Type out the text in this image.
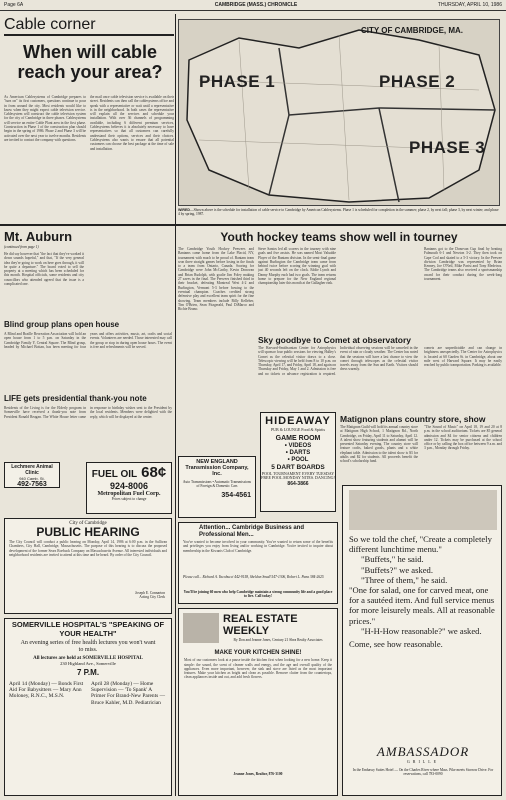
Page 6A	CAMBRIDGE (MASS.) CHRONICLE	THURSDAY, APRIL 10, 1986
Cable corner
When will cable reach your area?
As American Cablesystems of Cambridge prepares to "turn on" its first customers, questions continue to pour in from around the city. Most residents would like to know when they might expect cable television service. Cablesystem will construct the cable television system for the city of Cambridge in three phases. Cablesystems will service an entire Cable Plant area in the first phase. Construction in Phase 1 of the construction plan should begin in the spring of 1986. Phase 2 and Phase 3 will be activated over the next year to twelve months. Residents are invited to contact the company with questions.
the mail once cable television service is available on their street. Residents can then call the cablesystems office and speak with a representative or wait until a representative is in the neighborhood. In both cases the representative will explain all the services and schedule your installation. With over 36 channels of programming available, including 6 different premium services, Cablesystems believes it is absolutely necessary to have representatives so that all customers can carefully understand their options, services and their choices. Cablesystems also wants to ensure that all potential customers can choose the best package at the time of sale and installation.
CITY OF CAMBRIDGE, MA.
PHASE 1	PHASE 2
PHASE 3
WIRED—Shown above is the schedule for installation of cable service to Cambridge by American Cablesystems. Phase 1 is scheduled for completion in the summer; phase 2, by next fall; phase 3, by next winter; and phase 4 by spring, 1987.
Mt. Auburn
(continued from page 1)
He did say however that "the fact that they've worked it down sounds hopeful," and that, "If the very general idea they're going to work on here goes through, it will be quite a departure." The board voted to sell the property at a meeting which has been scheduled for this month. Hospital officials, some residents and city councillors who attended agreed that the issue is a complicated one.
Blind group plans open house
A Blind and Braille Recreation Association will hold an open house from 1 to 5 p.m. on Saturday in the Cambridge Family Y, Central Square. The Blind group, headed by Michael Bottan, has been meeting for four years and offers activities, music, art, crafts and social events. Volunteers are needed. Those interested may call the group or stop in during open house hours. The event is free and refreshments will be served.
LIFE gets presidential thank-you note
Residents of the Living is for the Elderly program in Somerville have received a thank-you note from President Ronald Reagan. The White House letter came in response to birthday wishes sent to the President by the local residents. Members were delighted with the reply, which will be displayed at the center.
Youth hockey teams show well in tourney
The Cambridge Youth Hockey Peewees and Bantams came home from the Lake Placid, NY, tournament with much to be proud of. Bantam team won three straight games before losing in the finals to a team from Ontario, Canada. Scoring for Cambridge were John McCarthy, Kevin Donovan and Brian Rudolph, with goalie Jim Foley making 27 saves in the final. The Peewees finished third in their bracket, defeating Montreal West 4-2 and Burlington, Vermont 5-3 before bowing to the eventual champion. Coaches credited strong defensive play and excellent team spirit for the fine showing. Team members include Billy Kelleher, Tim O'Brien, Sean Fitzgerald, Paul DiMarco and Richie Bruno.
Steve Santos led all scorers in the tourney with nine goals and five assists. He was named Most Valuable Player of the Bantam division. In the semi-final game against Burlington the Cambridge team came from behind twice before scoring the winning goal with just 40 seconds left on the clock. Eddie Lynch and Danny Murphy each had two goals. The team returns home to prepare for the New England regional championship later this month at the Gallagher rink.
Bantams got to the Donovan Cup final by beating Falmouth 6-1 and Newton 3-2. They then took on Cape Cod and skated to a 5-3 victory. In the Peewee division Cambridge was represented by Brian Kenney, Joe O'Neil, Mike Parisi and Tony Medeiros. The Cambridge teams also received a sportsmanship award for their conduct during the week-long tournament.
Sky goodbye to Comet at observatory
The Harvard-Smithsonian Center for Astrophysics will sponsor four public sessions for viewing Halley's Comet as the celestial visitor draws to a close. Telescopic viewing will be held from 8 to 10 p.m. on Thursday, April 17, and Friday, April 18, and again on Thursday and Friday, May 1 and 2. Admission is free and no tickets or advance registration is required. Individual observing sessions will be canceled in the event of rain or cloudy weather. The Center has noted that the sessions will have a last chance to view the comet through telescopes as the celestial visitor travels away from the Sun and Earth. Visitors should dress warmly.
comets are unpredictable and can change in brightness unexpectedly. The Center for Astrophysics is located at 60 Garden St. in Cambridge, about one mile west of Harvard Square. It may be easily reached by public transportation. Parking is available.
Matignon plans country store, show
The Matignon Guild will hold its annual country store at Matignon High School, 1 Matignon Rd., North Cambridge, on Friday, April 11 to Saturday, April 12. A talent show featuring students and alumni will be presented Saturday evening. The country store will feature crafts, baked goods, plants and a white elephant table. Admission to the talent show is $3 for adults and $2 for students. All proceeds benefit the school's scholarship fund.
"The Sound of Music" on April 18, 19 and 20 at 8 p.m. in the school auditorium. Tickets are $5 general admission and $4 for senior citizens and children under 12. Tickets may be purchased at the school office or by calling the box office between 9 a.m. and 3 p.m., Monday through Friday.
Lechmere Animal Clinic
940 Camb. St.
492-7563
FUEL OIL 68¢
924-8006
Metropolitan Fuel Corp.
Prices subject to change
City of Cambridge
PUBLIC HEARING
The City Council will conduct a public hearing on Monday, April 14, 1986 at 6:00 p.m. in the Sullivan Chambers, City Hall, Cambridge, Massachusetts. The purpose of this hearing is to discuss the proposed development of the former Sears Roebuck Company on Massachusetts Avenue. All interested individuals and neighborhood residents are invited to attend at this time and be heard. By order of the City Council.
Joseph E. Connarton
Acting City Clerk
SOMERVILLE HOSPITAL'S "SPEAKING OF YOUR HEALTH"
An evening series of free health lectures you won't want to miss.
All lectures are held at SOMERVILLE HOSPITAL
230 Highland Ave., Somerville
7 P.M.
April 14 (Monday) — Bonds First Aid For Babysitters — Mary Ann Moloney, R.N.C., M.S.N.
April 28 (Monday) — Home Supervision — 'To Spank' A Primer For Brand-New Parents — Bruce Kahler, M.D. Pediatrician
HIDEAWAY
PUB & LOUNGE Food & Spirits
GAME ROOM
• VIDEOS
• DARTS
• POOL
5 DART BOARDS
POOL TOURNAMENT EVERY TUESDAY
FREE POOL MONDAY NITES. DANCING!
864-3866
NEW ENGLAND Transmission Company, Inc.
Auto Transmissions • Automatic Transmissions of Foreign & Domestic Cars
354-4561
Attention... Cambridge Business and Professional Men...
You've wanted to become involved in your community. You've wanted to return some of the benefits and privileges you enjoy from living and/or working in Cambridge. You're invited to inquire about membership in the Kiwanis Club of Cambridge.
Please call... Richard A. Yacobucci 442-9158, Sheldon Small 547-1306, Robert L. Pana 384-2625
You'll be joining 60 men who help Cambridge maintain a strong community life and a good place to live. Call today!
REAL ESTATE WEEKLY
By Don and Jeanne Jones, Century 21 Shea Realty Associates
MAKE YOUR KITCHEN SHINE!
Most of our customers look at a pause inside the kitchen first when looking for a new home. Keep it simple: the sound, the scent of cleaner walls and energy, and the age and overall quality of the appliances. Even more important, however, the sink and stove are listed as the most important features. Make your kitchen as bright and clean as possible. Remove clutter from the countertops, clean appliances inside and out, and add fresh flowers.
Jeanne Jones, Realtor, 876-3100

So we told the chef, "Create a completely different lunchtime menu."

"Buffets," he said.

"Buffets?" we asked.

"Three of them," he said.

"One for salad, one for carved meat, one for a sautéed item. And full service menus for more leisurely meals. All at reasonable prices."

"H-H-How reasonable?" we asked.

Come, see how reasonable.

AMBASSADOR
GRILLE
In the Embassy Suites Hotel — On the Charles River where Mass. Pike meets Storrow Drive. For reservations, call 783-0090
